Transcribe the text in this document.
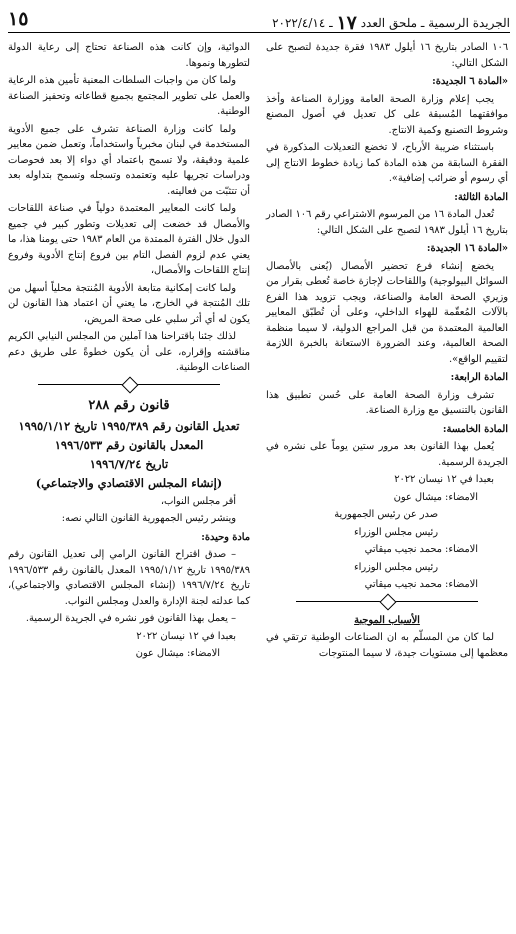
الجريدة الرسمية ـ ملحق العدد ١٧ ـ ٢٠٢٢/٤/١٤
١٥

١٠٦ الصادر بتاريخ ١٦ أيلول ١٩٨٣ فقرة جديدة لتصبح على الشكل التالي:

«المادة ٦ الجديدة:

يجب إعلام وزارة الصحة العامة ووزارة الصناعة وأخذ موافقتهما المُسبقة على كل تعديل في أصول المصنع وشروط التصنيع وكمية الانتاج.

باستثناء ضريبة الأرباح، لا تخضع التعديلات المذكورة في الفقرة السابقة من هذه المادة كما زيادة خطوط الانتاج إلى أي رسوم أو ضرائب إضافية».

المادة الثالثة:

تُعدل المادة ١٦ من المرسوم الاشتراعي رقم ١٠٦ الصادر بتاريخ ١٦ أيلول ١٩٨٣ لتصبح على الشكل التالي:

«المادة ١٦ الجديدة:

يخضع إنشاء فرع تحضير الأمصال (يُعنى بالأمصال السوائل البيولوجية) واللقاحات لإجازة خاصة تُعطى بقرار من وزيري الصحة العامة والصناعة، ويجب تزويد هذا الفرع بالآلات المُعقّمة للهواء الداخلي، وعلى أن تُطبّق المعايير العالمية المعتمدة من قبل المراجع الدولية، لا سيما منظمة الصحة العالمية، وعند الضرورة الاستعانة بالخبرة اللازمة لتقييم الواقع».

المادة الرابعة:

تشرف وزارة الصحة العامة على حُسن تطبيق هذا القانون بالتنسيق مع وزارة الصناعة.

المادة الخامسة:

يُعمل بهذا القانون بعد مرور ستين يوماً على نشره في الجريدة الرسمية.

بعبدا في ١٢ نيسان ٢٠٢٢

الامضاء: ميشال عون

صدر عن رئيس الجمهورية

رئيس مجلس الوزراء

الامضاء: محمد نجيب ميقاتي

رئيس مجلس الوزراء

الامضاء: محمد نجيب ميقاتي

الأسباب الموجبة

لما كان من المسلّم به ان الصناعات الوطنية ترتقي في معظمها إلى مستويات جيدة، لا سيما المنتوجات

الدوائية، وإن كانت هذه الصناعة تحتاج إلى رعاية الدولة لتطورها ونموها.

ولما كان من واجبات السلطات المعنية تأمين هذه الرعاية والعمل على تطوير المجتمع بجميع قطاعاته وتحفيز الصناعة الوطنية.

ولما كانت وزارة الصناعة تشرف على جميع الأدوية المستخدمة في لبنان مخبرياً واستخداماً، وتعمل ضمن معايير علمية ودقيقة، ولا تسمح باعتماد أي دواء إلا بعد فحوصات ودراسات تجريها عليه وتعتمده وتسجله وتسمح بتداوله بعد أن تتثبّت من فعاليته.

ولما كانت المعايير المعتمدة دولياً في صناعة اللقاحات والأمصال قد خضعت إلى تعديلات وتطور كبير في جميع الدول خلال الفترة الممتدة من العام ١٩٨٣ حتى يومنا هذا، ما يعني عدم لزوم الفصل التام بين فروع إنتاج الأدوية وفروع إنتاج اللقاحات والأمصال،

ولما كانت إمكانية متابعة الأدوية المُنتجة محلياً أسهل من تلك المُنتجة في الخارج، ما يعني أن اعتماد هذا القانون لن يكون له أي أثر سلبي على صحة المريض،

لذلك جئنا باقتراحنا هذا آملين من المجلس النيابي الكريم مناقشته وإقراره، على أن يكون خطوةً على طريق دعم الصناعات الوطنية.

قانون رقم ٢٨٨

تعديل القانون رقم ١٩٩٥/٣٨٩ تاريخ ١٩٩٥/١/١٢

المعدل بالقانون رقم ١٩٩٦/٥٣٣

تاريخ ١٩٩٦/٧/٢٤

(إنشاء المجلس الاقتصادي والاجتماعي)

أقر مجلس النواب،

وينشر رئيس الجمهورية القانون التالي نصه:

مادة وحيدة:

– صدق اقتراح القانون الرامي إلى تعديل القانون رقم ١٩٩٥/٣٨٩ تاريخ ١٩٩٥/١/١٢ المعدل بالقانون رقم ١٩٩٦/٥٣٣ تاريخ ١٩٩٦/٧/٢٤ (إنشاء المجلس الاقتصادي والاجتماعي)، كما عدلته لجنة الإدارة والعدل ومجلس النواب.

– يعمل بهذا القانون فور نشره في الجريدة الرسمية.

بعبدا في ١٢ نيسان ٢٠٢٢

الامضاء: ميشال عون
